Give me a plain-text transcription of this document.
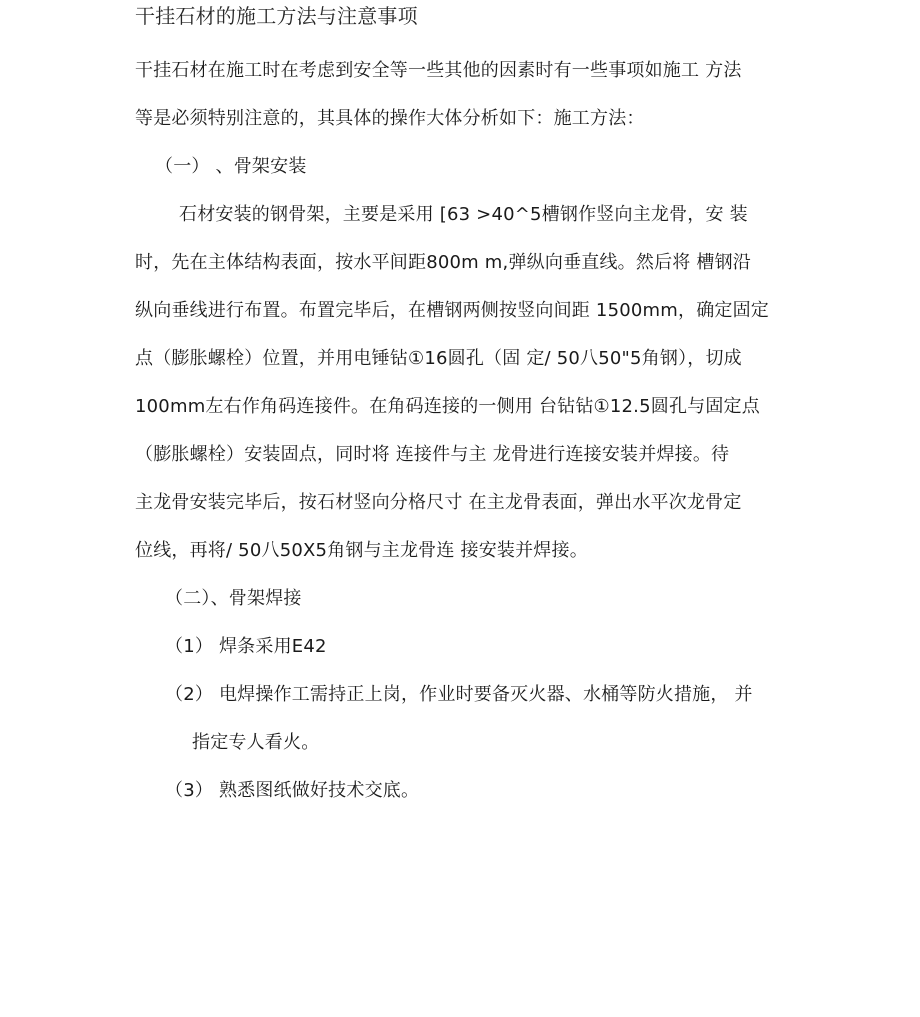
干挂石材的施工方法与注意事项
干挂石材在施工时在考虑到安全等一些其他的因素时有一些事项如施工 方法
等是必须特别注意的，其具体的操作大体分析如下：施工方法：
（一） 、骨架安装
石材安装的钢骨架，主要是采用 [63 >40^5槽钢作竖向主龙骨，安 装
时，先在主体结构表面，按水平间距800m m,弹纵向垂直线。然后将 槽钢沿
纵向垂线进行布置。布置完毕后，在槽钢两侧按竖向间距 1500mm，确定固定
点（膨胀螺栓）位置，并用电锤钻①16圆孔（固 定/ 50八50"5角钢），切成
100mm左右作角码连接件。在角码连接的一侧用 台钻钻①12.5圆孔与固定点
（膨胀螺栓）安装固点，同时将 连接件与主 龙骨进行连接安装并焊接。待
主龙骨安装完毕后，按石材竖向分格尺寸 在主龙骨表面，弹出水平次龙骨定
位线，再将/ 50八50X5角钢与主龙骨连 接安装并焊接。
（二）、骨架焊接
（1） 焊条采用E42
（2） 电焊操作工需持正上岗，作业时要备灭火器、水桶等防火措施， 并
指定专人看火。
（3） 熟悉图纸做好技术交底。
